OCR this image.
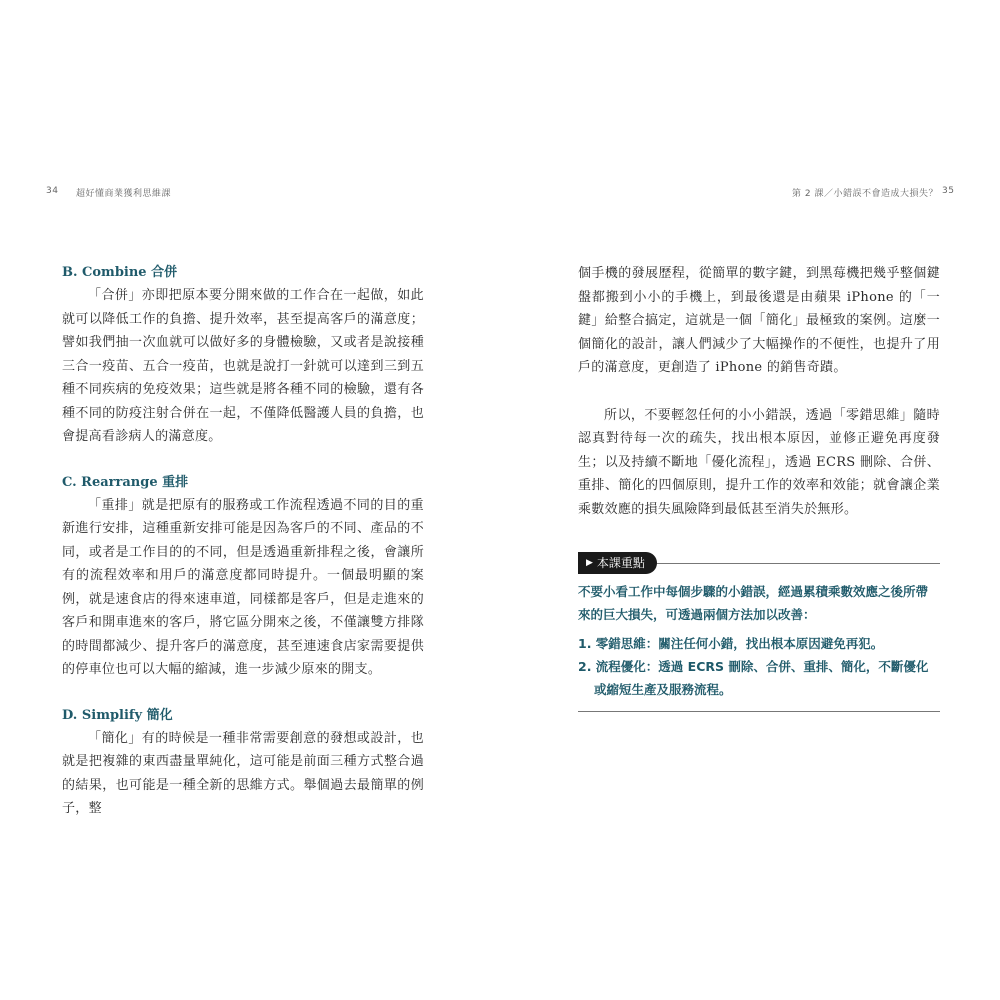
34 超好懂商業獲利思維課	第 2 課／小錯誤不會造成大損失？ 35
B. Combine 合併

「合併」亦即把原本要分開來做的工作合在一起做，如此就可以降低工作的負擔、提升效率，甚至提高客戶的滿意度；譬如我們抽一次血就可以做好多的身體檢驗，又或者是說接種三合一疫苗、五合一疫苗，也就是說打一針就可以達到三到五種不同疾病的免疫效果；這些就是將各種不同的檢驗，還有各種不同的防疫注射合併在一起，不僅降低醫護人員的負擔，也會提高看診病人的滿意度。

C. Rearrange 重排

「重排」就是把原有的服務或工作流程透過不同的目的重新進行安排，這種重新安排可能是因為客戶的不同、產品的不同，或者是工作目的的不同，但是透過重新排程之後，會讓所有的流程效率和用戶的滿意度都同時提升。一個最明顯的案例，就是速食店的得來速車道，同樣都是客戶，但是走進來的客戶和開車進來的客戶，將它區分開來之後，不僅讓雙方排隊的時間都減少、提升客戶的滿意度，甚至連速食店家需要提供的停車位也可以大幅的縮減，進一步減少原來的開支。

D. Simplify 簡化

「簡化」有的時候是一種非常需要創意的發想或設計，也就是把複雜的東西盡量單純化，這可能是前面三種方式整合過的結果，也可能是一種全新的思維方式。舉個過去最簡單的例子，整

個手機的發展歷程，從簡單的數字鍵，到黑莓機把幾乎整個鍵盤都搬到小小的手機上，到最後還是由蘋果 iPhone 的「一鍵」給整合搞定，這就是一個「簡化」最極致的案例。這麼一個簡化的設計，讓人們減少了大幅操作的不便性，也提升了用戶的滿意度，更創造了 iPhone 的銷售奇蹟。

所以，不要輕忽任何的小小錯誤，透過「零錯思維」隨時認真對待每一次的疏失，找出根本原因，並修正避免再度發生；以及持續不斷地「優化流程」，透過 ECRS 刪除、合併、重排、簡化的四個原則，提升工作的效率和效能；就會讓企業乘數效應的損失風險降到最低甚至消失於無形。

▶ 本課重點

不要小看工作中每個步驟的小錯誤，經過累積乘數效應之後所帶來的巨大損失，可透過兩個方法加以改善：

1. 零錯思維：關注任何小錯，找出根本原因避免再犯。
2. 流程優化：透過 ECRS 刪除、合併、重排、簡化，不斷優化或縮短生產及服務流程。
